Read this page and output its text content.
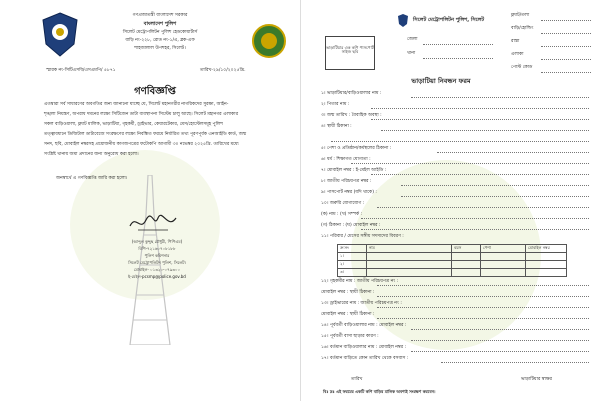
গণপ্রজাতন্ত্রী বাংলাদেশ সরকার
বাংলাদেশ পুলিশ
সিলেট মেট্রোপলিটন পুলিশ হেডকোয়ার্টার্স
বাড়ি নং-২২৮, রোড নং-১/এ, ব্লক-এফ
শাহজালাল উপশহর, সিলেট।
স্মারক নং-সিটিএসবি/এসএমপি/ ৫৮৭১	তারিখ-২৯/১০/২০২৫খ্রি.
গণবিজ্ঞপ্তি
এতদ্বারা সর্ব সাধারণের অবগতির জন্য জানানো যাচ্ছে যে, সিলেট মহানগরীর নাগরিকদের সুরক্ষা, আইন-
শৃঙ্খলা নিয়ন্ত্রণ, অপরাধ দমনের লক্ষ্যে সিটিজেন ডাটা ব্যবস্থাপনা সিস্টেম চালু আছে। সিলেট মহানগর এলাকার
সকল বাড়িওয়ালা, ফ্ল্যাট মালিক, ভাড়াটিয়া, গৃহকর্মী, ড্রাইভার, কেয়ারটেকার, মেস/হোস্টেলসমূহ পুলিশ
তত্ত্বাবধানে ডিজিটাল ডাটাবেজে সংরক্ষণের লক্ষ্যে নিবন্ধিত ফরমে নির্ধারিত তথ্য পূরণপূর্বক এনআইডি কার্ড, জন্ম
সনদ, ছবি, মোবাইল নম্বরসহ প্রয়োজনীয় কাগজপত্রের ফটোকপি আগামী ৩০ নভেম্বর ২০২৫খ্রি. তারিখের মধ্যে
সংশ্লিষ্ট থানায় জমা প্রদানের জন্য অনুরোধ করা হলো।
জনস্বার্থে এ গণবিজ্ঞপ্তি জারি করা হলো।
(আব্দুল কুদ্দুছ চৌধুরী, পিপিএম)
বিপি-৭২১৬০৭০৮১৮৮
পুলিশ কমিশনার
সিলেট মেট্রোপলিটন পুলিশ, সিলেট।
মোবাইল- ০১৩২০-০৭৯৩০০
ই-মেইল-pcsmp@police.gov.bd
সিলেট মেট্রোপলিটন পুলিশ, সিলেট
ভাড়াটিয়ার এক কপি পাসপোর্ট সাইজ ছবি
জেলা
থানা
ফ্ল্যাট/তলা
বাড়ি/হোল্ডিং
রাস্তা
এলাকা
পোস্ট কোড
ভাড়াটিয়া নিবন্ধন ফরম
১। ভাড়াটিয়ার/বাড়িওয়ালার নাম :
২। পিতার নাম :
৩। জন্ম তারিখ : বৈবাহিক অবস্থা :
৪। স্থায়ী ঠিকানা :
৫। পেশা ও প্রতিষ্ঠান/কর্মস্থলের ঠিকানা :
৬। ধর্ম : শিক্ষাগত যোগ্যতা :
৭। মোবাইল নম্বর : ই-মেইল আইডি :
৮। জাতীয় পরিচয়পত্র নম্বর :
৯। পাসপোর্ট নম্বর (যদি থাকে) :
১০। জরুরি যোগাযোগ :
(ক) নাম : (খ) সম্পর্ক :
(গ) ঠিকানা : (ঘ) মোবাইল নম্বর :
১১। পরিবার / মেসের সঙ্গীয় সদস্যদের বিবরণ :
ক্র:নং	নাম	বয়স	পেশা	মোবাইল নম্বর
১।				
২।				
৩।				
১২। গৃহকর্মীর নাম : জাতীয় পরিচয়পত্র নং :
মোবাইল নম্বর : স্থায়ী ঠিকানা :
১৩। ড্রাইভারের নাম : জাতীয় পরিচয়পত্র নং :
মোবাইল নম্বর : স্থায়ী ঠিকানা :
১৪। পূর্ববর্তী বাড়িওয়ালার নাম : মোবাইল নম্বর :
১৫। পূর্ববর্তী বাসা ছাড়ার কারণ :
১৬। বর্তমান বাড়িওয়ালার নাম : মোবাইল নম্বর :
১৭। বর্তমান বাড়িতে কোন তারিখ থেকে বসবাস :
তারিখ	ভাড়াটিয়ার স্বাক্ষর
বিঃ দ্রঃ এই ফরমের একটি কপি বাড়ির মালিক অবশ্যই সংরক্ষণ করবেন।
